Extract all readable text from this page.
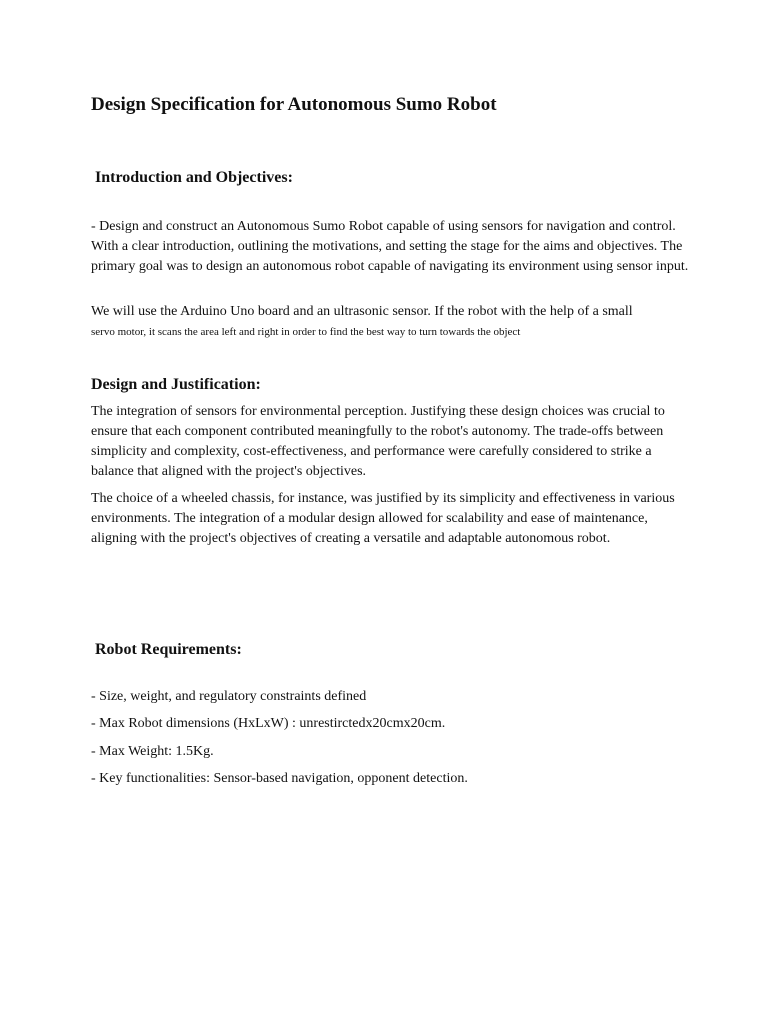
Design Specification for Autonomous Sumo Robot
Introduction and Objectives:

- Design and construct an Autonomous Sumo Robot capable of using sensors for navigation and control. With a clear introduction, outlining the motivations, and setting the stage for the aims and objectives. The primary goal was to design an autonomous robot capable of navigating its environment using sensor input.

We will use the Arduino Uno board and an ultrasonic sensor. If the robot with the help of a small
servo motor, it scans the area left and right in order to find the best way to turn towards the object

Design and Justification:

The integration of sensors for environmental perception. Justifying these design choices was crucial to ensure that each component contributed meaningfully to the robot's autonomy. The trade-offs between simplicity and complexity, cost-effectiveness, and performance were carefully considered to strike a balance that aligned with the project's objectives.

The choice of a wheeled chassis, for instance, was justified by its simplicity and effectiveness in various environments. The integration of a modular design allowed for scalability and ease of maintenance, aligning with the project's objectives of creating a versatile and adaptable autonomous robot.

Robot Requirements:

- Size, weight, and regulatory constraints defined

- Max Robot dimensions (HxLxW) : unrestirctedx20cmx20cm.

- Max Weight: 1.5Kg.

- Key functionalities: Sensor-based navigation, opponent detection.
